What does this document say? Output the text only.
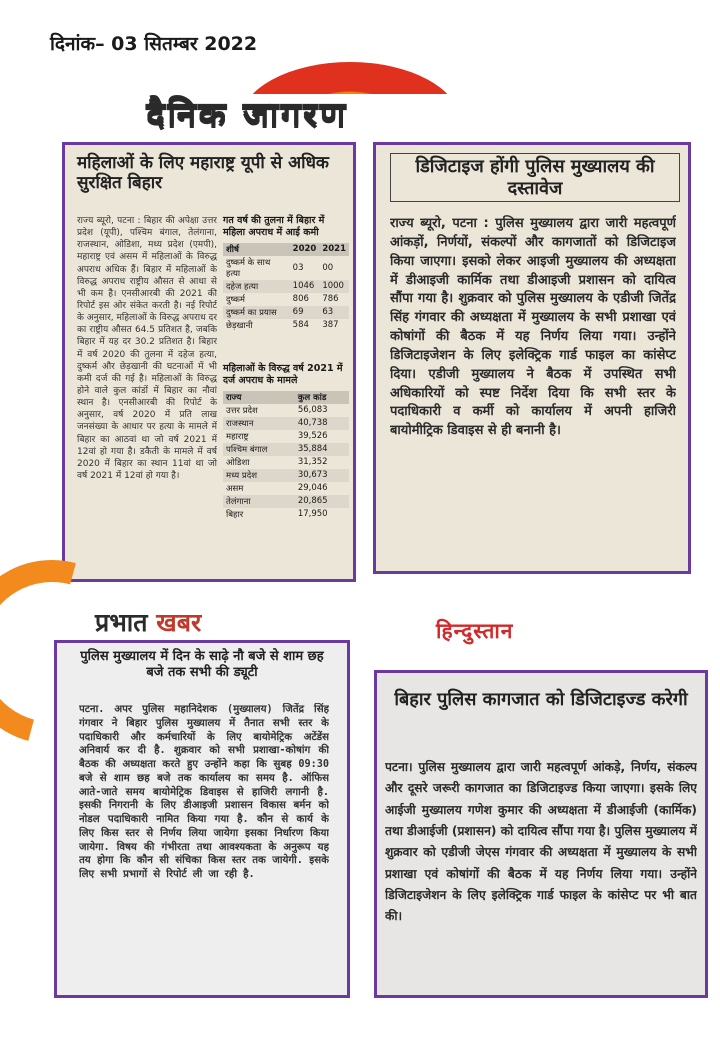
दिनांक– 03 सितम्बर 2022
दैनिक जागरण
महिलाओं के लिए महाराष्ट्र यूपी से अधिक सुरक्षित बिहार
राज्य ब्यूरो, पटना : बिहार की अपेक्षा उत्तर प्रदेश (यूपी), पश्चिम बंगाल, तेलंगाना, राजस्थान, ओडिशा, मध्य प्रदेश (एमपी), महाराष्ट्र एवं असम में महिलाओं के विरुद्ध अपराध अधिक हैं। बिहार में महिलाओं के विरुद्ध अपराध राष्ट्रीय औसत से आधा से भी कम है। एनसीआरबी की 2021 की रिपोर्ट इस ओर संकेत करती है। नई रिपोर्ट के अनुसार, महिलाओं के विरुद्ध अपराध दर का राष्ट्रीय औसत 64.5 प्रतिशत है, जबकि बिहार में यह दर 30.2 प्रतिशत है। बिहार में वर्ष 2020 की तुलना में दहेज हत्या, दुष्कर्म और छेड़खानी की घटनाओं में भी कमी दर्ज की गई है। महिलाओं के विरुद्ध होने वाले कुल कांडों में बिहार का नौवां स्थान है। एनसीआरबी की रिपोर्ट के अनुसार, वर्ष 2020 में प्रति लाख जनसंख्या के आधार पर हत्या के मामले में बिहार का आठवां था जो वर्ष 2021 में 12वां हो गया है। डकैती के मामले में वर्ष 2020 में बिहार का स्थान 11वां था जो वर्ष 2021 में 12वां हो गया है।
गत वर्ष की तुलना में बिहार में महिला अपराध में आई कमी
शीर्ष	2020	2021
दुष्कर्म के साथ हत्या	03	00
दहेज हत्या	1046	1000
दुष्कर्म	806	786
दुष्कर्म का प्रयास	69	63
छेड़खानी	584	387
महिलाओं के विरुद्ध वर्ष 2021 में दर्ज अपराध के मामले
राज्य	कुल कांड
उत्तर प्रदेश	56,083
राजस्थान	40,738
महाराष्ट्र	39,526
पश्चिम बंगाल	35,884
ओडिशा	31,352
मध्य प्रदेश	30,673
असम	29,046
तेलंगाना	20,865
बिहार	17,950
डिजिटाइज होंगी पुलिस मुख्यालय की दस्तावेज
राज्य ब्यूरो, पटना : पुलिस मुख्यालय द्वारा जारी महत्वपूर्ण आंकड़ों, निर्णयों, संकल्पों और कागजातों को डिजिटाइज किया जाएगा। इसको लेकर आइजी मुख्यालय की अध्यक्षता में डीआइजी कार्मिक तथा डीआइजी प्रशासन को दायित्व सौंपा गया है। शुक्रवार को पुलिस मुख्यालय के एडीजी जितेंद्र सिंह गंगवार की अध्यक्षता में मुख्यालय के सभी प्रशाखा एवं कोषांगों की बैठक में यह निर्णय लिया गया। उन्होंने डिजिटाइजेशन के लिए इलेक्ट्रिक गार्ड फाइल का कांसेप्ट दिया। एडीजी मुख्यालय ने बैठक में उपस्थित सभी अधिकारियों को स्पष्ट निर्देश दिया कि सभी स्तर के पदाधिकारी व कर्मी को कार्यालय में अपनी हाजिरी बायोमीट्रिक डिवाइस से ही बनानी है।
प्रभात खबर
पुलिस मुख्यालय में दिन के साढ़े नौ बजे से शाम छह बजे तक सभी की ड्यूटी
पटना. अपर पुलिस महानिदेशक (मुख्यालय) जितेंद्र सिंह गंगवार ने बिहार पुलिस मुख्यालय में तैनात सभी स्तर के पदाधिकारी और कर्मचारियों के लिए बायोमेट्रिक अटेंडेंस अनिवार्य कर दी है. शुक्रवार को सभी प्रशाखा-कोषांग की बैठक की अध्यक्षता करते हुए उन्होंने कहा कि सुबह 09:30 बजे से शाम छह बजे तक कार्यालय का समय है. ऑफिस आते-जाते समय बायोमेट्रिक डिवाइस से हाजिरी लगानी है. इसकी निगरानी के लिए डीआइजी प्रशासन विकास बर्मन को नोडल पदाधिकारी नामित किया गया है. कौन से कार्य के लिए किस स्तर से निर्णय लिया जायेगा इसका निर्धारण किया जायेगा. विषय की गंभीरता तथा आवश्यकता के अनुरूप यह तय होगा कि कौन सी संचिका किस स्तर तक जायेगी. इसके लिए सभी प्रभागों से रिपोर्ट ली जा रही है.
हिन्दुस्तान
बिहार पुलिस कागजात को डिजिटाइज्ड करेगी
पटना। पुलिस मुख्यालय द्वारा जारी महत्वपूर्ण आंकड़े, निर्णय, संकल्प और दूसरे जरूरी कागजात का डिजिटाइज्ड किया जाएगा। इसके लिए आईजी मुख्यालय गणेश कुमार की अध्यक्षता में डीआईजी (कार्मिक) तथा डीआईजी (प्रशासन) को दायित्व सौंपा गया है। पुलिस मुख्यालय में शुक्रवार को एडीजी जेएस गंगवार की अध्यक्षता में मुख्यालय के सभी प्रशाखा एवं कोषांगों की बैठक में यह निर्णय लिया गया। उन्होंने डिजिटाइजेशन के लिए इलेक्ट्रिक गार्ड फाइल के कांसेप्ट पर भी बात की।
